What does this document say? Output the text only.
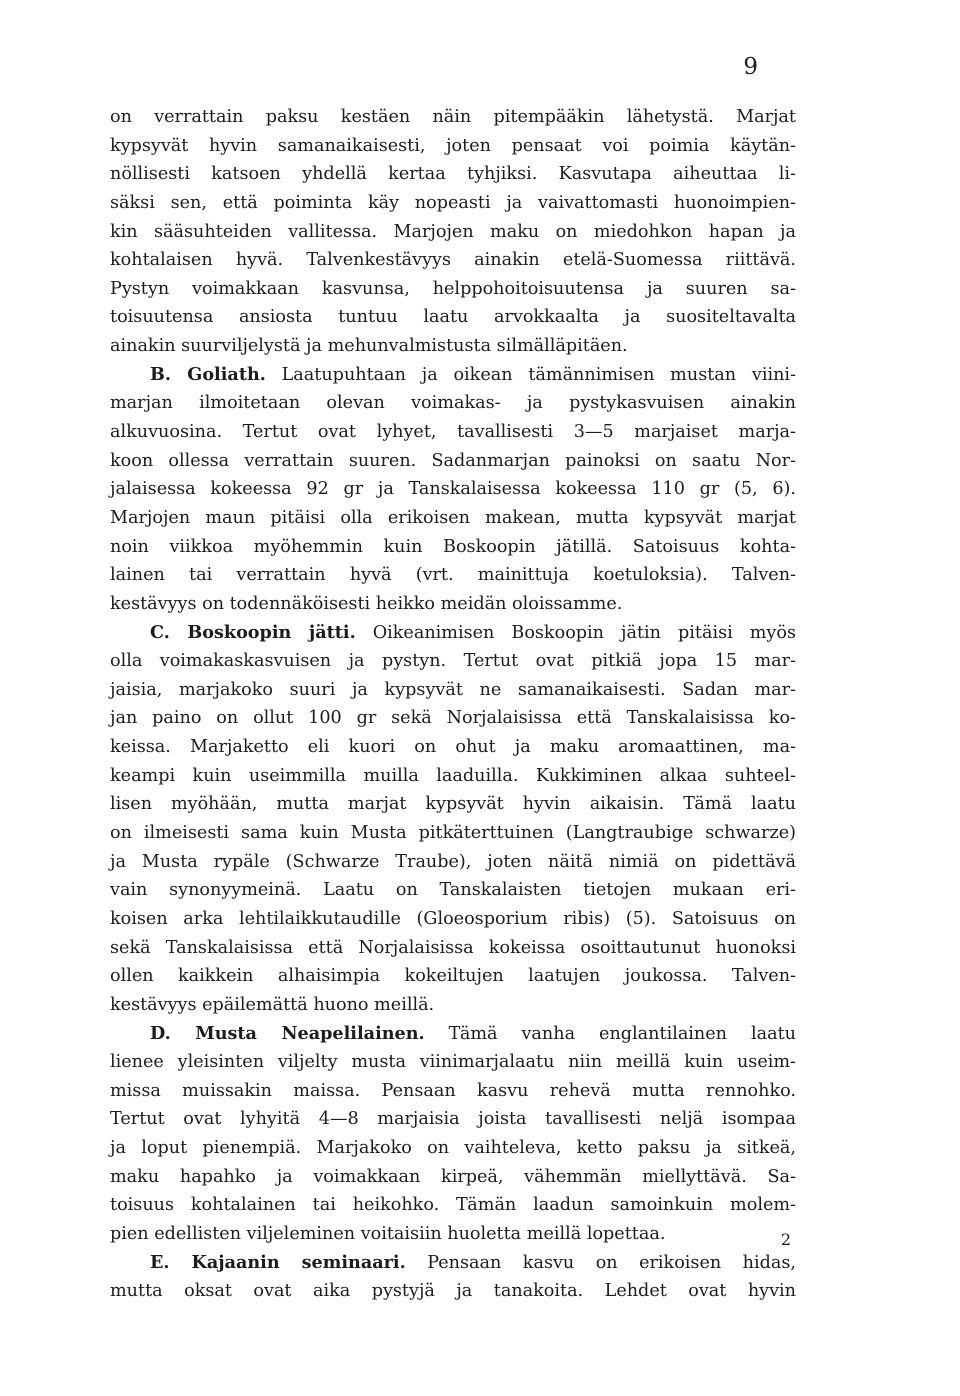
9
on verrattain paksu kestäen näin pitempääkin lähetystä. Marjat
kypsyvät hyvin samanaikaisesti, joten pensaat voi poimia käytän-
nöllisesti katsoen yhdellä kertaa tyhjiksi. Kasvutapa aiheuttaa li-
säksi sen, että poiminta käy nopeasti ja vaivattomasti huonoimpien-
kin sääsuhteiden vallitessa. Marjojen maku on miedohkon hapan ja
kohtalaisen hyvä. Talvenkestävyys ainakin etelä-Suomessa riittävä.
Pystyn voimakkaan kasvunsa, helppohoitoisuutensa ja suuren sa-
toisuutensa ansiosta tuntuu laatu arvokkaalta ja suositeltavalta
ainakin suurviljelystä ja mehunvalmistusta silmälläpitäen.
B. Goliath. Laatupuhtaan ja oikean tämännimisen mustan viini-
marjan ilmoitetaan olevan voimakas- ja pystykasvuisen ainakin
alkuvuosina. Tertut ovat lyhyet, tavallisesti 3—5 marjaiset marja-
koon ollessa verrattain suuren. Sadanmarjan painoksi on saatu Nor-
jalaisessa kokeessa 92 gr ja Tanskalaisessa kokeessa 110 gr (5, 6).
Marjojen maun pitäisi olla erikoisen makean, mutta kypsyvät marjat
noin viikkoa myöhemmin kuin Boskoopin jätillä. Satoisuus kohta-
lainen tai verrattain hyvä (vrt. mainittuja koetuloksia). Talven-
kestävyys on todennäköisesti heikko meidän oloissamme.
C. Boskoopin jätti. Oikeanimisen Boskoopin jätin pitäisi myös
olla voimakaskasvuisen ja pystyn. Tertut ovat pitkiä jopa 15 mar-
jaisia, marjakoko suuri ja kypsyvät ne samanaikaisesti. Sadan mar-
jan paino on ollut 100 gr sekä Norjalaisissa että Tanskalaisissa ko-
keissa. Marjaketto eli kuori on ohut ja maku aromaattinen, ma-
keampi kuin useimmilla muilla laaduilla. Kukkiminen alkaa suhteel-
lisen myöhään, mutta marjat kypsyvät hyvin aikaisin. Tämä laatu
on ilmeisesti sama kuin Musta pitkäterttuinen (Langtraubige schwarze)
ja Musta rypäle (Schwarze Traube), joten näitä nimiä on pidettävä
vain synonyymeinä. Laatu on Tanskalaisten tietojen mukaan eri-
koisen arka lehtilaikkutaudille (Gloeosporium ribis) (5). Satoisuus on
sekä Tanskalaisissa että Norjalaisissa kokeissa osoittautunut huonoksi
ollen kaikkein alhaisimpia kokeiltujen laatujen joukossa. Talven-
kestävyys epäilemättä huono meillä.
D. Musta Neapelilainen. Tämä vanha englantilainen laatu
lienee yleisinten viljelty musta viinimarjalaatu niin meillä kuin useim-
missa muissakin maissa. Pensaan kasvu rehevä mutta rennohko.
Tertut ovat lyhyitä 4—8 marjaisia joista tavallisesti neljä isompaa
ja loput pienempiä. Marjakoko on vaihteleva, ketto paksu ja sitkeä,
maku hapahko ja voimakkaan kirpeä, vähemmän miellyttävä. Sa-
toisuus kohtalainen tai heikohko. Tämän laadun samoinkuin molem-
pien edellisten viljeleminen voitaisiin huoletta meillä lopettaa.
E. Kajaanin seminaari. Pensaan kasvu on erikoisen hidas,
mutta oksat ovat aika pystyjä ja tanakoita. Lehdet ovat hyvin
2
